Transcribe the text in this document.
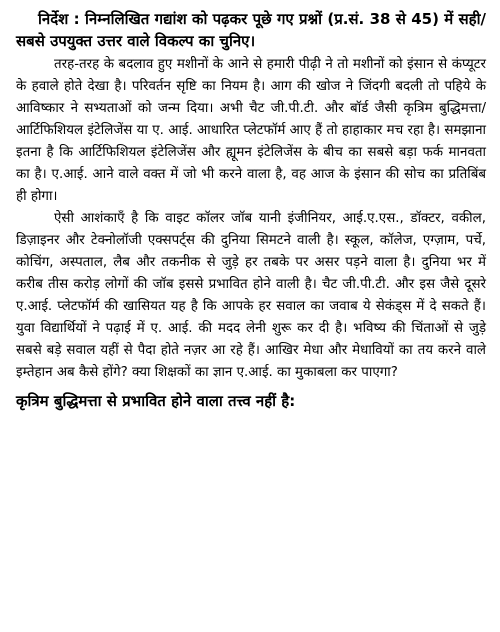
निर्देश : निम्नलिखित गद्यांश को पढ़कर पूछे गए प्रश्नों (प्र.सं. 38 से 45) में सही/सबसे उपयुक्त उत्तर वाले विकल्प का चुनिए।

तरह-तरह के बदलाव हुए मशीनों के आने से हमारी पीढ़ी ने तो मशीनों को इंसान से कंप्यूटर के हवाले होते देखा है। परिवर्तन सृष्टि का नियम है। आग की खोज ने जिंदगी बदली तो पहिये के आविष्कार ने सभ्यताओं को जन्म दिया। अभी चैट जी.पी.टी. और बॉर्ड जैसी कृत्रिम बुद्धिमत्ता/आर्टिफिशियल इंटेलिजेंस या ए. आई. आधारित प्लेटफॉर्म आए हैं तो हाहाकार मच रहा है। समझाना इतना है कि आर्टिफिशियल इंटेलिजेंस और ह्यूमन इंटेलिजेंस के बीच का सबसे बड़ा फर्क मानवता का है। ए.आई. आने वाले वक्त में जो भी करने वाला है, वह आज के इंसान की सोच का प्रतिबिंब ही होगा।

ऐसी आशंकाएँ है कि वाइट कॉलर जॉब यानी इंजीनियर, आई.ए.एस., डॉक्टर, वकील, डिज़ाइनर और टेक्नोलॉजी एक्सपर्ट्स की दुनिया सिमटने वाली है। स्कूल, कॉलेज, एग्ज़ाम, पर्चे, कोचिंग, अस्पताल, लैब और तकनीक से जुड़े हर तबके पर असर पड़ने वाला है। दुनिया भर में करीब तीस करोड़ लोगों की जॉब इससे प्रभावित होने वाली है। चैट जी.पी.टी. और इस जैसे दूसरे ए.आई. प्लेटफॉर्म की खासियत यह है कि आपके हर सवाल का जवाब ये सेकंड्स में दे सकते हैं। युवा विद्यार्थियों ने पढ़ाई में ए. आई. की मदद लेनी शुरू कर दी है। भविष्य की चिंताओं से जुड़े सबसे बड़े सवाल यहीं से पैदा होते नज़र आ रहे हैं। आखिर मेधा और मेधावियों का तय करने वाले इम्तेहान अब कैसे होंगे? क्या शिक्षकों का ज्ञान ए.आई. का मुकाबला कर पाएगा?

कृत्रिम बुद्धिमत्ता से प्रभावित होने वाला तत्त्व नहीं है:
